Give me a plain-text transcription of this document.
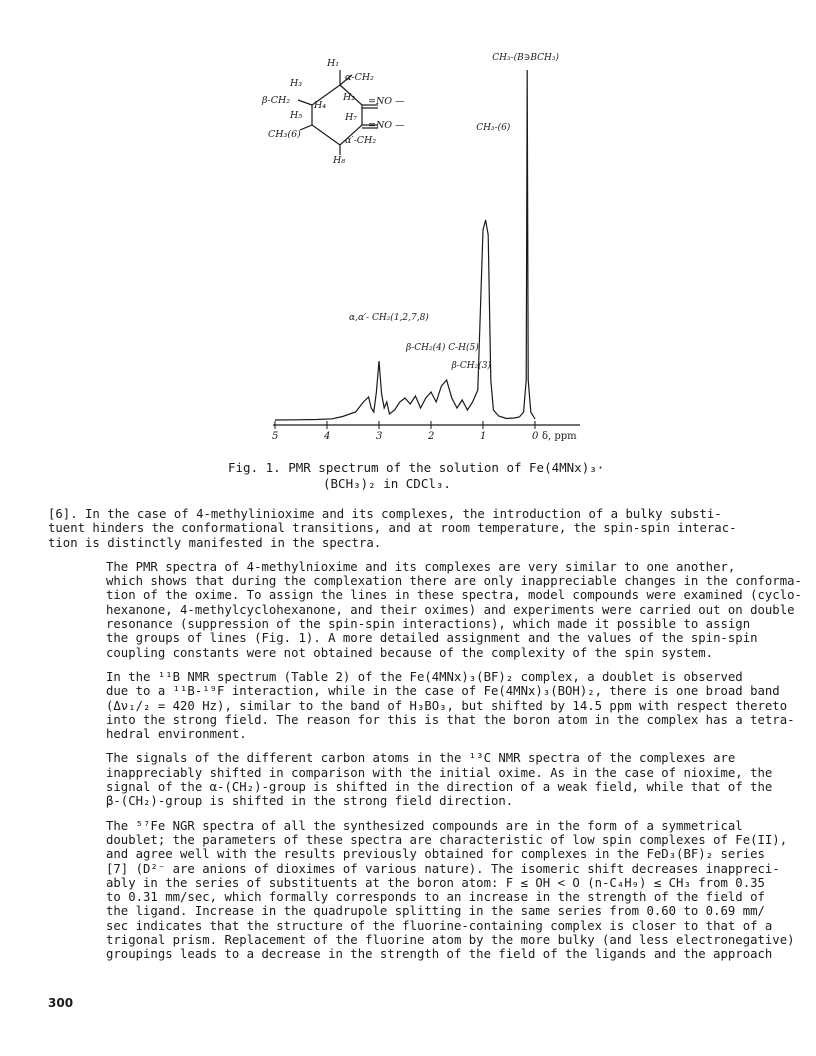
H₁
α-CH₂
H₃
β-CH₂	H₄
H₂ =NO —
H₅	H₇
=NO —
CH₃(6)
α′-CH₂
H₈
5	4	3	2	1	0 δ, ppm
CH₃-(B∋BCH₃)
CH₃-(6)
α,α′- CH₂(1,2,7,8)
β-CH₂(4) C-H(5)
β-CH₂(3)
Fig. 1. PMR spectrum of the solution of Fe(4MNx)₃·
(BCH₃)₂ in CDCl₃.

[6]. In the case of 4-methylinioxime and its complexes, the introduction of a bulky substi-
tuent hinders the conformational transitions, and at room temperature, the spin-spin interac-
tion is distinctly manifested in the spectra.

The PMR spectra of 4-methylnioxime and its complexes are very similar to one another,
which shows that during the complexation there are only inappreciable changes in the conforma-
tion of the oxime. To assign the lines in these spectra, model compounds were examined (cyclo-
hexanone, 4-methylcyclohexanone, and their oximes) and experiments were carried out on double
resonance (suppression of the spin-spin interactions), which made it possible to assign
the groups of lines (Fig. 1). A more detailed assignment and the values of the spin-spin
coupling constants were not obtained because of the complexity of the spin system.

In the ¹¹B NMR spectrum (Table 2) of the Fe(4MNx)₃(BF)₂ complex, a doublet is observed
due to a ¹¹B-¹⁹F interaction, while in the case of Fe(4MNx)₃(BOH)₂, there is one broad band
(Δν₁/₂ = 420 Hz), similar to the band of H₃BO₃, but shifted by 14.5 ppm with respect thereto
into the strong field. The reason for this is that the boron atom in the complex has a tetra-
hedral environment.

The signals of the different carbon atoms in the ¹³C NMR spectra of the complexes are
inappreciably shifted in comparison with the initial oxime. As in the case of nioxime, the
signal of the α-(CH₂)-group is shifted in the direction of a weak field, while that of the
β-(CH₂)-group is shifted in the strong field direction.

The ⁵⁷Fe NGR spectra of all the synthesized compounds are in the form of a symmetrical
doublet; the parameters of these spectra are characteristic of low spin complexes of Fe(II),
and agree well with the results previously obtained for complexes in the FeD₃(BF)₂ series
[7] (D²⁻ are anions of dioximes of various nature). The isomeric shift decreases inappreci-
ably in the series of substituents at the boron atom: F ≤ OH < O (n-C₄H₉) ≤ CH₃ from 0.35
to 0.31 mm/sec, which formally corresponds to an increase in the strength of the field of
the ligand. Increase in the quadrupole splitting in the same series from 0.60 to 0.69 mm/
sec indicates that the structure of the fluorine-containing complex is closer to that of a
trigonal prism. Replacement of the fluorine atom by the more bulky (and less electronegative)
groupings leads to a decrease in the strength of the field of the ligands and the approach

300
